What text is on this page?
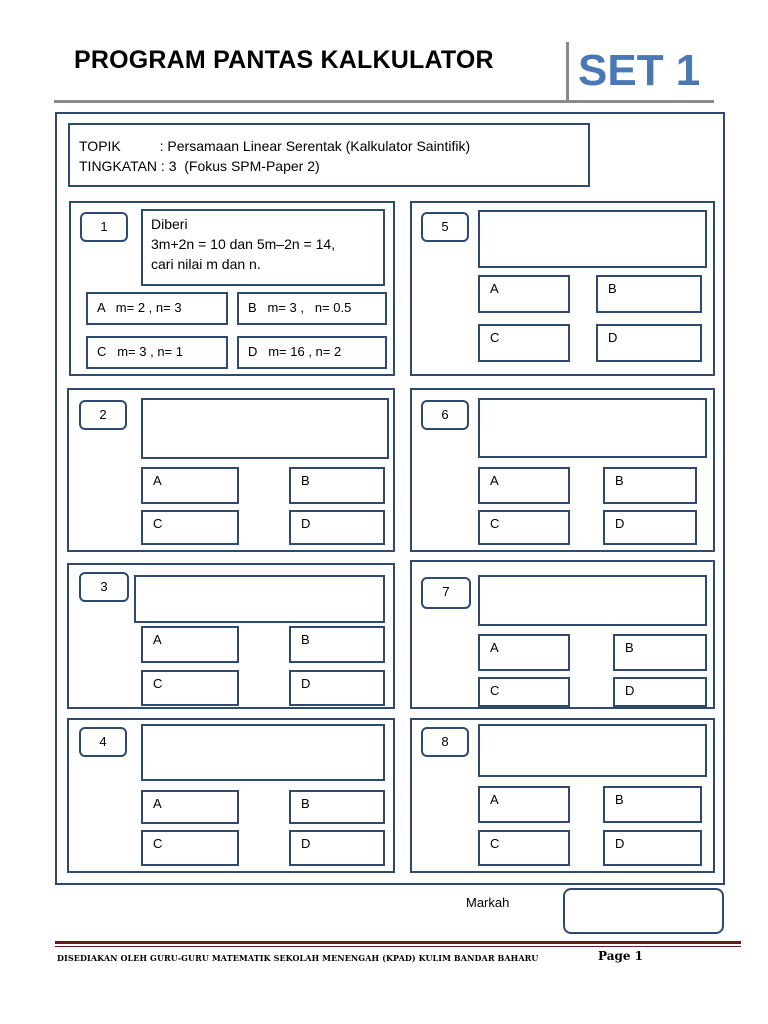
PROGRAM PANTAS KALKULATOR SET 1
TOPIK          : Persamaan Linear Serentak (Kalkulator Saintifik)
TINGKATAN : 3  (Fokus SPM-Paper 2)
1	Diberi
3m+2n = 10 dan 5m–2n = 14,
cari nilai m dan n.
A   m= 2 , n= 3	B   m= 3 ,   n= 0.5
C   m= 3 , n= 1	D   m= 16 , n= 2
5
A	B
C	D
2
A	B
C	D
6
A	B
C	D
3
A	B
C	D
7
A	B
C	D
4
A	B
C	D
8
A	B
C	D
Markah
DISEDIAKAN OLEH GURU-GURU MATEMATIK SEKOLAH MENENGAH (KPAD) KULIM BANDAR BAHARU	Page 1
